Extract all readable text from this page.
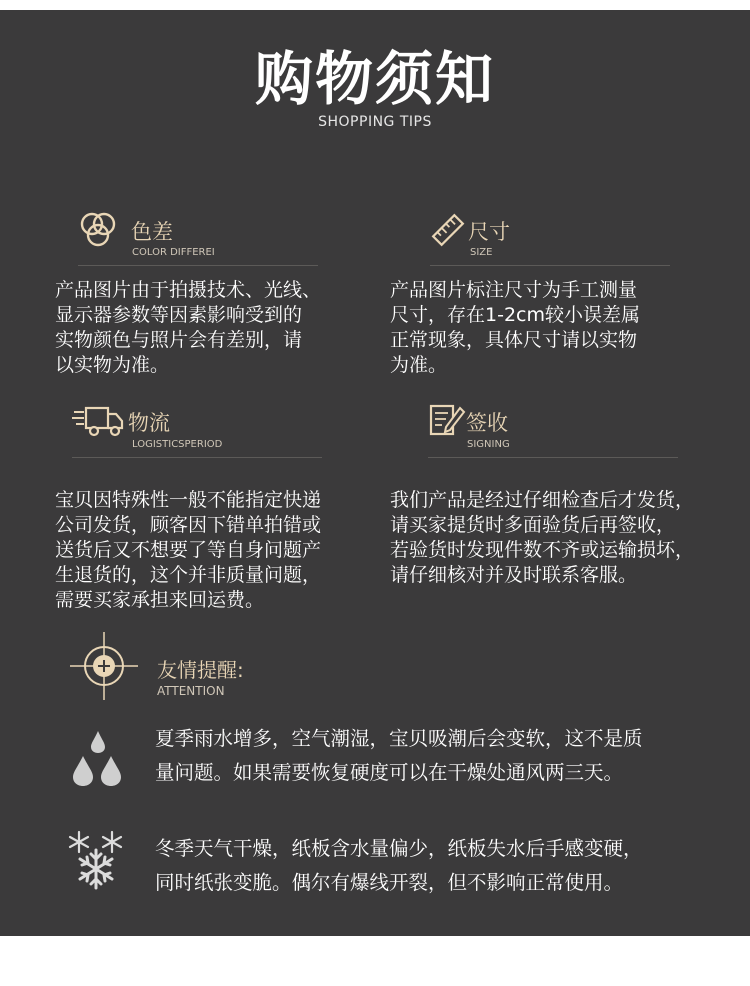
购物须知
SHOPPING TIPS
色差
COLOR DIFFEREI
产品图片由于拍摄技术、光线、
显示器参数等因素影响受到的
实物颜色与照片会有差别，请
以实物为准。
尺寸
SIZE
产品图片标注尺寸为手工测量
尺寸，存在1-2cm较小误差属
正常现象，具体尺寸请以实物
为准。
物流
LOGISTICSPERIOD
宝贝因特殊性一般不能指定快递
公司发货，顾客因下错单拍错或
送货后又不想要了等自身问题产
生退货的，这个并非质量问题，
需要买家承担来回运费。
签收
SIGNING
我们产品是经过仔细检查后才发货，
请买家提货时多面验货后再签收，
若验货时发现件数不齐或运输损坏，
请仔细核对并及时联系客服。
友情提醒:
ATTENTION
夏季雨水增多，空气潮湿，宝贝吸潮后会变软，这不是质
量问题。如果需要恢复硬度可以在干燥处通风两三天。
冬季天气干燥，纸板含水量偏少，纸板失水后手感变硬，
同时纸张变脆。偶尔有爆线开裂，但不影响正常使用。
